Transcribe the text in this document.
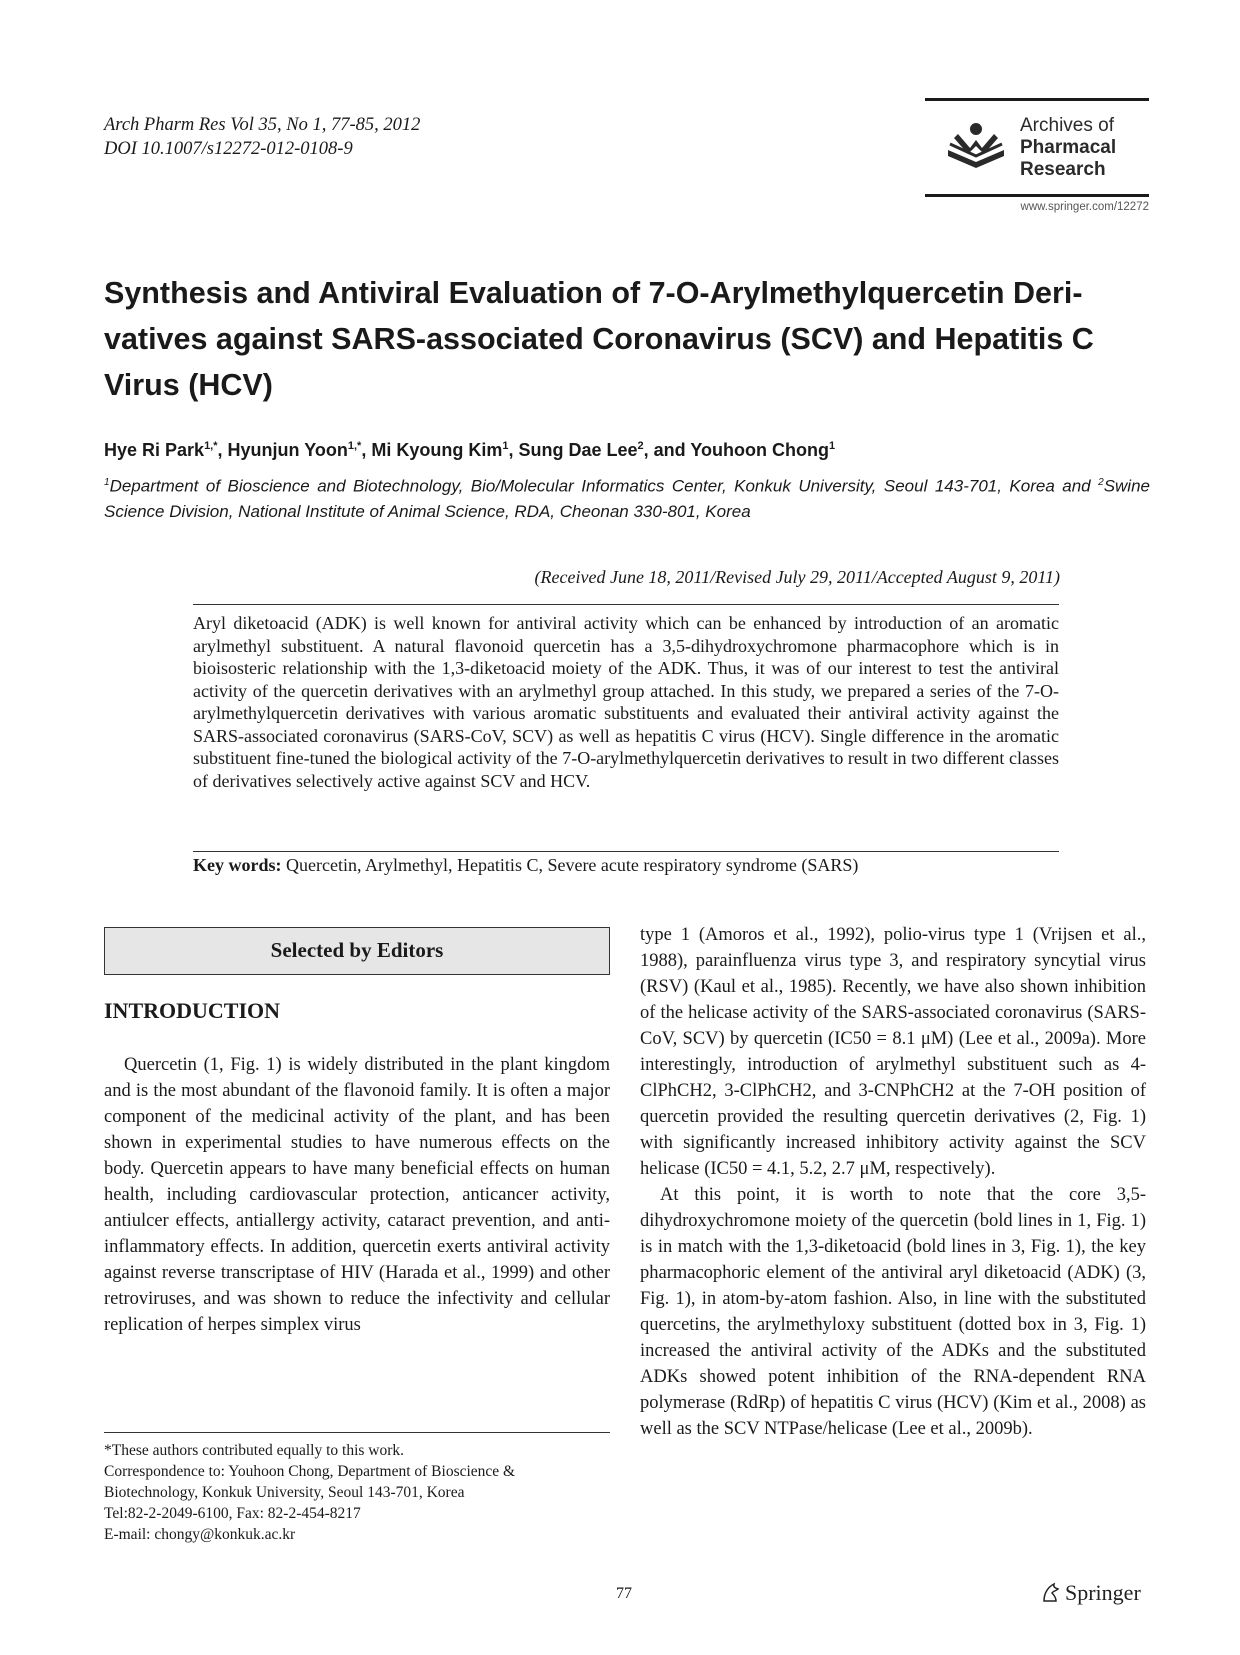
Arch Pharm Res Vol 35, No 1, 77-85, 2012
DOI 10.1007/s12272-012-0108-9
Archives of
Pharmacal
Research
www.springer.com/12272
Synthesis and Antiviral Evaluation of 7-O-Arylmethylquercetin Deri-
vatives against SARS-associated Coronavirus (SCV) and Hepatitis C
Virus (HCV)
Hye Ri Park$^{1,*}$, Hyunjun Yoon$^{1,*}$, Mi Kyoung Kim$^1$, Sung Dae Lee$^2$, and Youhoon Chong$^1$
$^1$Department of Bioscience and Biotechnology, Bio/Molecular Informatics Center, Konkuk University, Seoul 143-701, Korea and $^2$Swine Science Division, National Institute of Animal Science, RDA, Cheonan 330-801, Korea
(Received June 18, 2011/Revised July 29, 2011/Accepted August 9, 2011)
Aryl diketoacid (ADK) is well known for antiviral activity which can be enhanced by introduction of an aromatic arylmethyl substituent. A natural flavonoid quercetin has a 3,5-dihydroxychromone pharmacophore which is in bioisosteric relationship with the 1,3-diketoacid moiety of the ADK. Thus, it was of our interest to test the antiviral activity of the quercetin derivatives with an arylmethyl group attached. In this study, we prepared a series of the 7-O-arylmethylquercetin derivatives with various aromatic substituents and evaluated their antiviral activity against the SARS-associated coronavirus (SARS-CoV, SCV) as well as hepatitis C virus (HCV). Single difference in the aromatic substituent fine-tuned the biological activity of the 7-O-arylmethylquercetin derivatives to result in two different classes of derivatives selectively active against SCV and HCV.
Key words: Quercetin, Arylmethyl, Hepatitis C, Severe acute respiratory syndrome (SARS)
Selected by Editors
INTRODUCTION

Quercetin (1, Fig. 1) is widely distributed in the plant kingdom and is the most abundant of the flavonoid family. It is often a major component of the medicinal activity of the plant, and has been shown in experimental studies to have numerous effects on the body. Quercetin appears to have many beneficial effects on human health, including cardiovascular protection, anticancer activity, antiulcer effects, antiallergy activity, cataract prevention, and anti-inflammatory effects. In addition, quercetin exerts antiviral activity against reverse transcriptase of HIV (Harada et al., 1999) and other retroviruses, and was shown to reduce the infectivity and cellular replication of herpes simplex virus

*These authors contributed equally to this work.
Correspondence to: Youhoon Chong, Department of Bioscience & Biotechnology, Konkuk University, Seoul 143-701, Korea
Tel:82-2-2049-6100, Fax: 82-2-454-8217
E-mail: chongy@konkuk.ac.kr

type 1 (Amoros et al., 1992), polio-virus type 1 (Vrijsen et al., 1988), parainfluenza virus type 3, and respiratory syncytial virus (RSV) (Kaul et al., 1985). Recently, we have also shown inhibition of the helicase activity of the SARS-associated coronavirus (SARS-CoV, SCV) by quercetin (IC50 = 8.1 μM) (Lee et al., 2009a). More interestingly, introduction of arylmethyl substituent such as 4-ClPhCH2, 3-ClPhCH2, and 3-CNPhCH2 at the 7-OH position of quercetin provided the resulting quercetin derivatives (2, Fig. 1) with significantly increased inhibitory activity against the SCV helicase (IC50 = 4.1, 5.2, 2.7 μM, respectively).

At this point, it is worth to note that the core 3,5-dihydroxychromone moiety of the quercetin (bold lines in 1, Fig. 1) is in match with the 1,3-diketoacid (bold lines in 3, Fig. 1), the key pharmacophoric element of the antiviral aryl diketoacid (ADK) (3, Fig. 1), in atom-by-atom fashion. Also, in line with the substituted quercetins, the arylmethyloxy substituent (dotted box in 3, Fig. 1) increased the antiviral activity of the ADKs and the substituted ADKs showed potent inhibition of the RNA-dependent RNA polymerase (RdRp) of hepatitis C virus (HCV) (Kim et al., 2008) as well as the SCV NTPase/helicase (Lee et al., 2009b).

77	Springer
